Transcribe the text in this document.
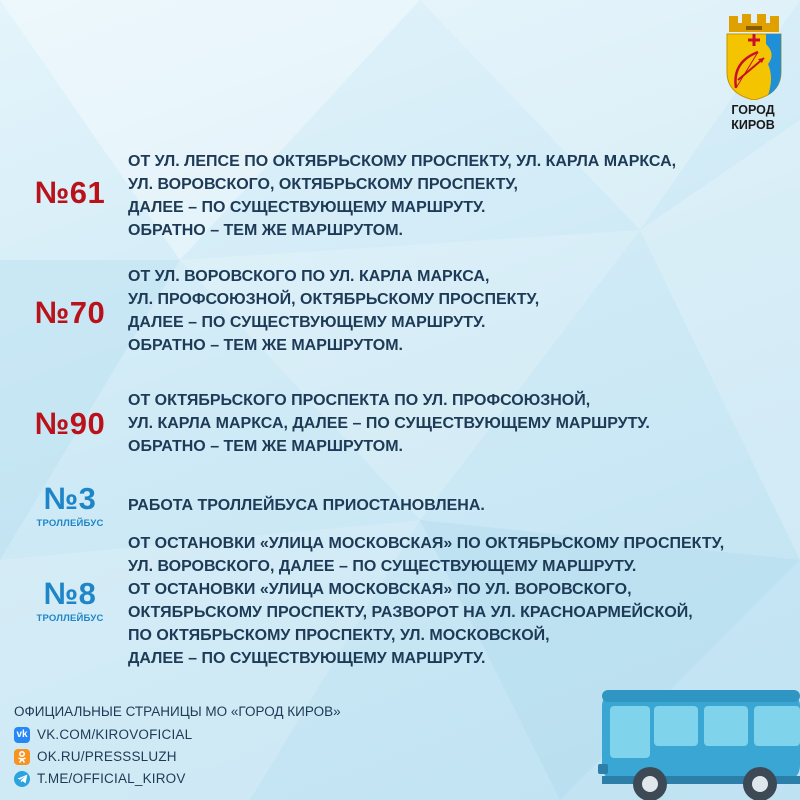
ГОРОД
КИРОВ
№61
ОТ УЛ. ЛЕПСЕ ПО ОКТЯБРЬСКОМУ ПРОСПЕКТУ, УЛ. КАРЛА МАРКСА,
УЛ. ВОРОВСКОГО, ОКТЯБРЬСКОМУ ПРОСПЕКТУ,
ДАЛЕЕ – ПО СУЩЕСТВУЮЩЕМУ МАРШРУТУ.
ОБРАТНО – ТЕМ ЖЕ МАРШРУТОМ.
№70
ОТ УЛ. ВОРОВСКОГО ПО УЛ. КАРЛА МАРКСА,
УЛ. ПРОФСОЮЗНОЙ, ОКТЯБРЬСКОМУ ПРОСПЕКТУ,
ДАЛЕЕ – ПО СУЩЕСТВУЮЩЕМУ МАРШРУТУ.
ОБРАТНО – ТЕМ ЖЕ МАРШРУТОМ.
№90
ОТ ОКТЯБРЬСКОГО ПРОСПЕКТА ПО УЛ. ПРОФСОЮЗНОЙ,
УЛ. КАРЛА МАРКСА, ДАЛЕЕ – ПО СУЩЕСТВУЮЩЕМУ МАРШРУТУ.
ОБРАТНО – ТЕМ ЖЕ МАРШРУТОМ.
№3
ТРОЛЛЕЙБУС
РАБОТА ТРОЛЛЕЙБУСА ПРИОСТАНОВЛЕНА.
№8
ТРОЛЛЕЙБУС
ОТ ОСТАНОВКИ «УЛИЦА МОСКОВСКАЯ» ПО ОКТЯБРЬСКОМУ ПРОСПЕКТУ,
УЛ. ВОРОВСКОГО, ДАЛЕЕ – ПО СУЩЕСТВУЮЩЕМУ МАРШРУТУ.
ОТ ОСТАНОВКИ «УЛИЦА МОСКОВСКАЯ» ПО УЛ. ВОРОВСКОГО,
ОКТЯБРЬСКОМУ ПРОСПЕКТУ, РАЗВОРОТ НА УЛ. КРАСНОАРМЕЙСКОЙ,
ПО ОКТЯБРЬСКОМУ ПРОСПЕКТУ, УЛ. МОСКОВСКОЙ,
ДАЛЕЕ – ПО СУЩЕСТВУЮЩЕМУ МАРШРУТУ.
ОФИЦИАЛЬНЫЕ СТРАНИЦЫ МО «ГОРОД КИРОВ»
vk VK.COM/KIROVOFICIAL
OK.RU/PRESSSLUZH
T.ME/OFFICIAL_KIROV
